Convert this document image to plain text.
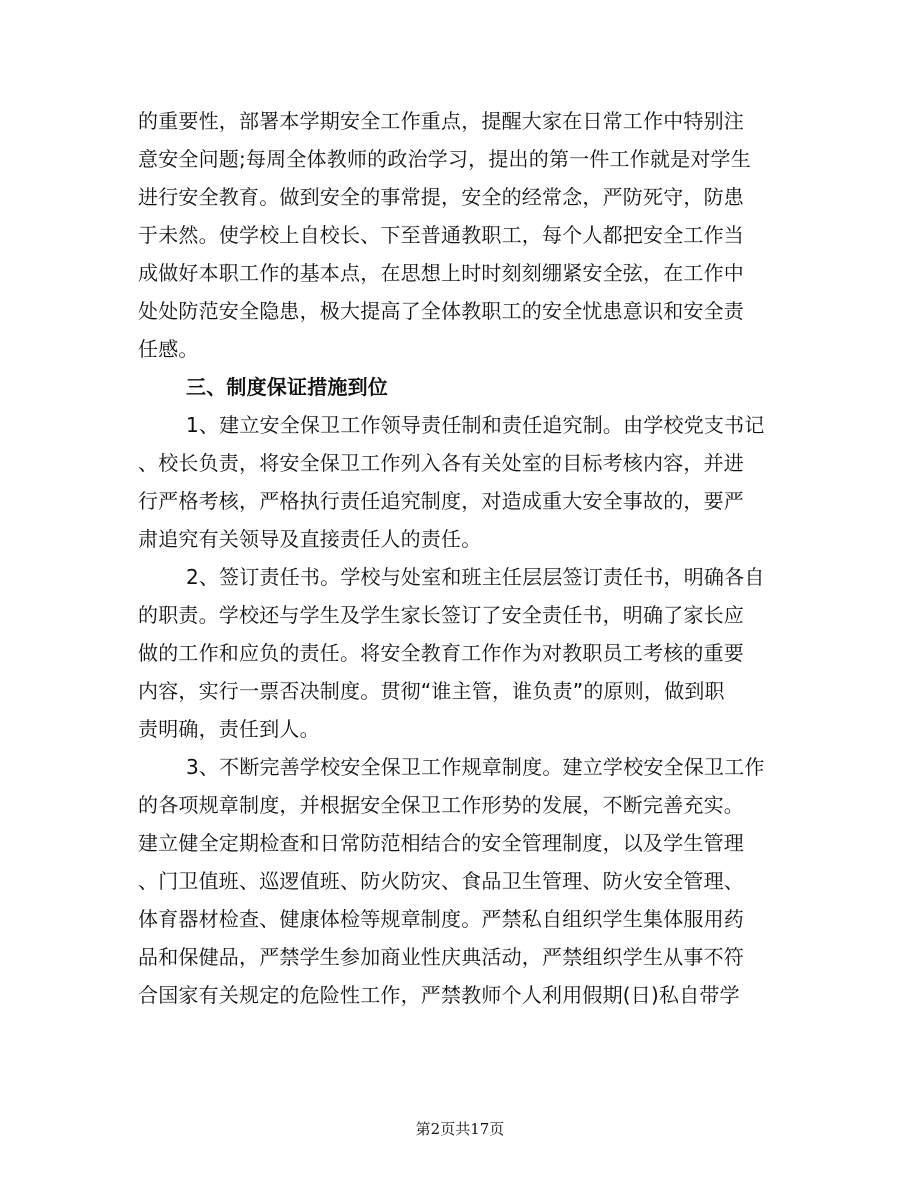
的重要性，部署本学期安全工作重点，提醒大家在日常工作中特别注
意安全问题;每周全体教师的政治学习，提出的第一件工作就是对学生
进行安全教育。做到安全的事常提，安全的经常念，严防死守，防患
于未然。使学校上自校长、下至普通教职工，每个人都把安全工作当
成做好本职工作的基本点，在思想上时时刻刻绷紧安全弦，在工作中
处处防范安全隐患，极大提高了全体教职工的安全忧患意识和安全责
任感。
三、制度保证措施到位
1、建立安全保卫工作领导责任制和责任追究制。由学校党支书记
、校长负责，将安全保卫工作列入各有关处室的目标考核内容，并进
行严格考核，严格执行责任追究制度，对造成重大安全事故的，要严
肃追究有关领导及直接责任人的责任。
2、签订责任书。学校与处室和班主任层层签订责任书，明确各自
的职责。学校还与学生及学生家长签订了安全责任书，明确了家长应
做的工作和应负的责任。将安全教育工作作为对教职员工考核的重要
内容，实行一票否决制度。贯彻“谁主管，谁负责”的原则，做到职
责明确，责任到人。
3、不断完善学校安全保卫工作规章制度。建立学校安全保卫工作
的各项规章制度，并根据安全保卫工作形势的发展，不断完善充实。
建立健全定期检查和日常防范相结合的安全管理制度，以及学生管理
、门卫值班、巡逻值班、防火防灾、食品卫生管理、防火安全管理、
体育器材检查、健康体检等规章制度。严禁私自组织学生集体服用药
品和保健品，严禁学生参加商业性庆典活动，严禁组织学生从事不符
合国家有关规定的危险性工作，严禁教师个人利用假期(日)私自带学
第2页共17页
